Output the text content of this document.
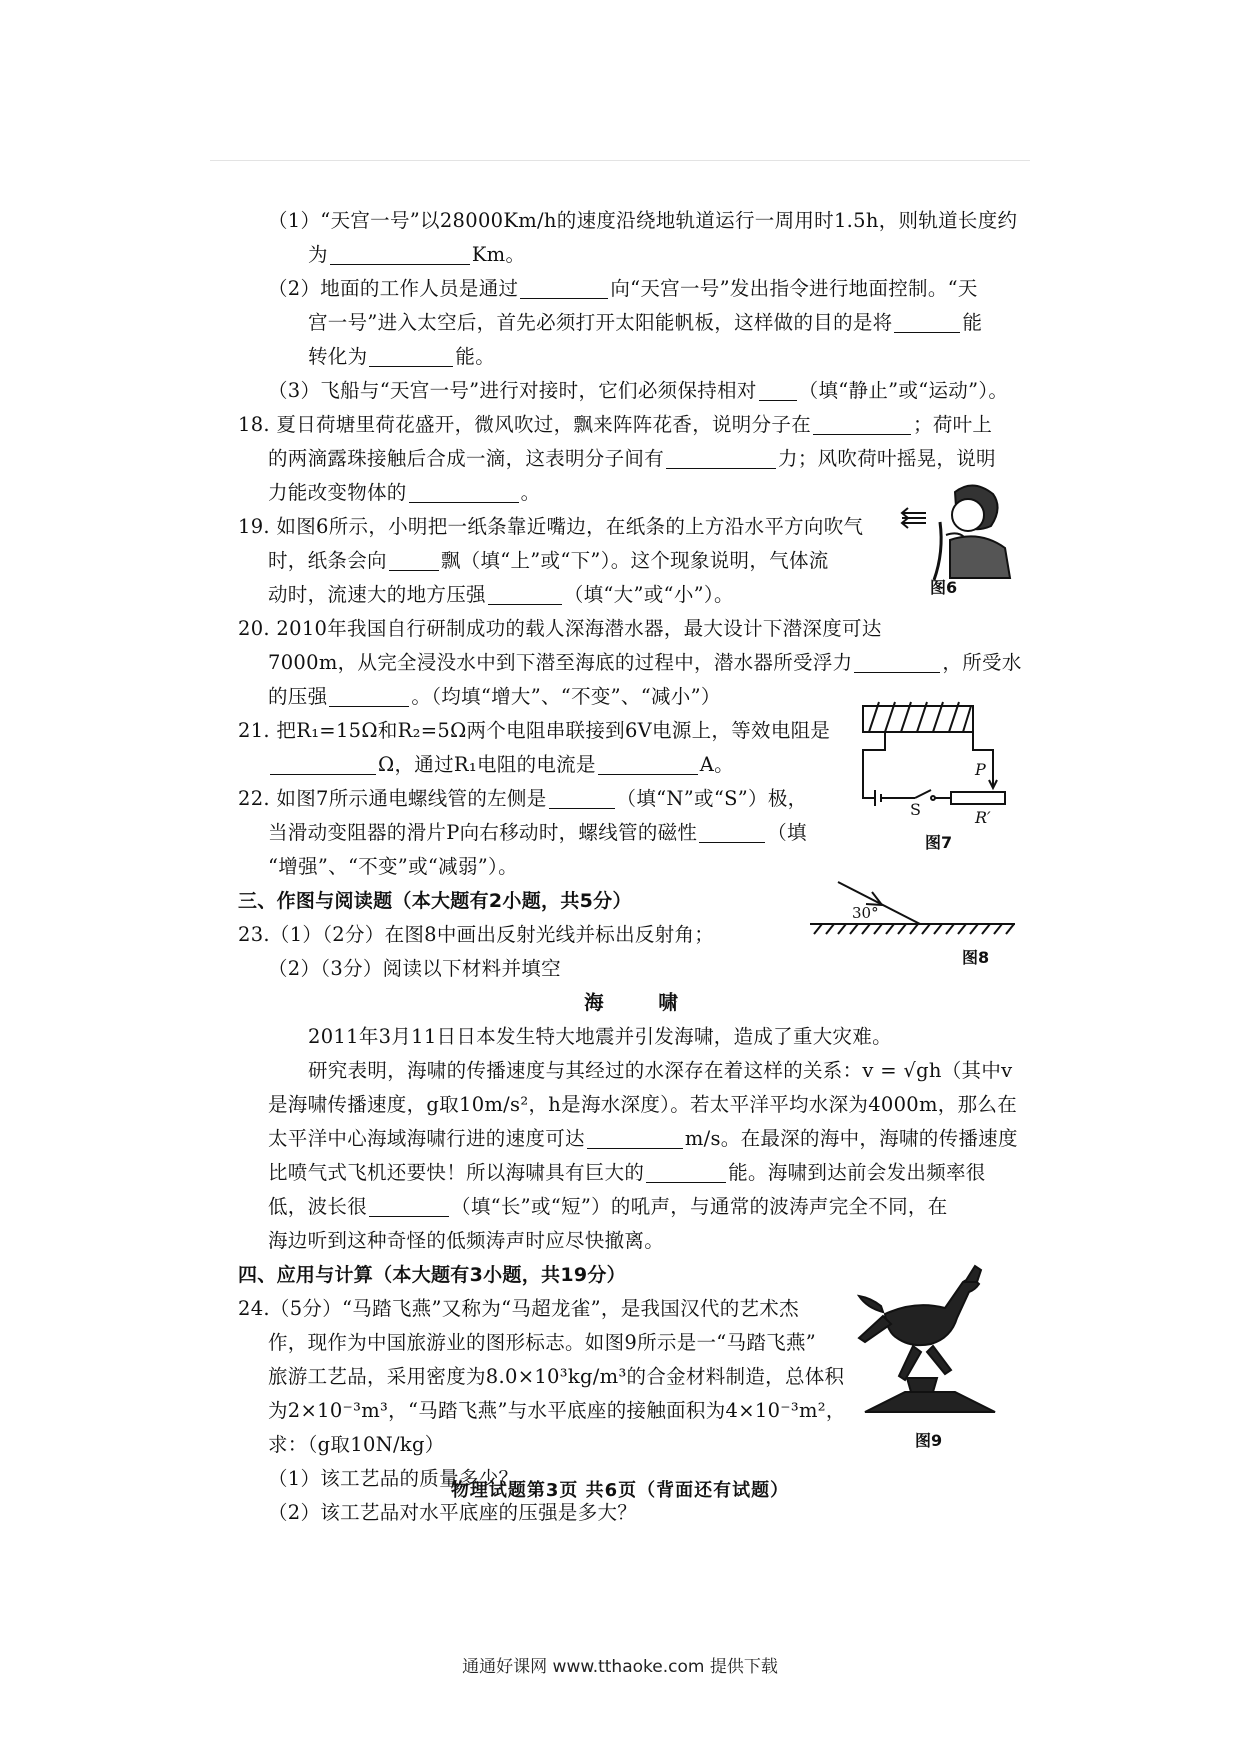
（1）“天宫一号”以28000Km/h的速度沿绕地轨道运行一周用时1.5h，则轨道长度约
为	Km。
（2）地面的工作人员是通过	向“天宫一号”发出指令进行地面控制。“天
宫一号”进入太空后，首先必须打开太阳能帆板，这样做的目的是将	能
转化为	能。
（3）飞船与“天宫一号”进行对接时，它们必须保持相对 （填“静止”或“运动”）。
18. 夏日荷塘里荷花盛开，微风吹过，飘来阵阵花香，说明分子在	；荷叶上
的两滴露珠接触后合成一滴，这表明分子间有	力；风吹荷叶摇晃，说明
力能改变物体的	。
19. 如图6所示，小明把一纸条靠近嘴边，在纸条的上方沿水平方向吹气
时，纸条会向	飘（填“上”或“下”）。这个现象说明，气体流
动时，流速大的地方压强	（填“大”或“小”）。
20. 2010年我国自行研制成功的载人深海潜水器，最大设计下潜深度可达
7000m，从完全浸没水中到下潜至海底的过程中，潜水器所受浮力	，所受水
的压强	。（均填“增大”、“不变”、“减小”）
21. 把R₁=15Ω和R₂=5Ω两个电阻串联接到6V电源上，等效电阻是
Ω，通过R₁电阻的电流是	A。
22. 如图7所示通电螺线管的左侧是	（填“N”或“S”）极，
当滑动变阻器的滑片P向右移动时，螺线管的磁性	（填
“增强”、“不变”或“减弱”）。
三、作图与阅读题（本大题有2小题，共5分）
23.（1）（2分）在图8中画出反射光线并标出反射角；
（2）（3分）阅读以下材料并填空
海 啸
2011年3月11日日本发生特大地震并引发海啸，造成了重大灾难。
研究表明，海啸的传播速度与其经过的水深存在着这样的关系：v = √gh（其中v
是海啸传播速度，g取10m/s²，h是海水深度）。若太平洋平均水深为4000m，那么在
太平洋中心海域海啸行进的速度可达	m/s。在最深的海中，海啸的传播速度
比喷气式飞机还要快！所以海啸具有巨大的	能。海啸到达前会发出频率很
低，波长很	（填“长”或“短”）的吼声，与通常的波涛声完全不同，在
海边听到这种奇怪的低频涛声时应尽快撤离。
四、应用与计算（本大题有3小题，共19分）
24.（5分）“马踏飞燕”又称为“马超龙雀”，是我国汉代的艺术杰
作，现作为中国旅游业的图形标志。如图9所示是一“马踏飞燕”
旅游工艺品，采用密度为8.0×10³kg/m³的合金材料制造，总体积
为2×10⁻³m³，“马踏飞燕”与水平底座的接触面积为4×10⁻³m²，
求：（g取10N/kg）
（1）该工艺品的质量多少？
（2）该工艺品对水平底座的压强是多大？
图6
P
S	R′
图7
30°
图8
图9
物理试题第3页 共6页（背面还有试题）
通通好课网 www.tthaoke.com 提供下载
